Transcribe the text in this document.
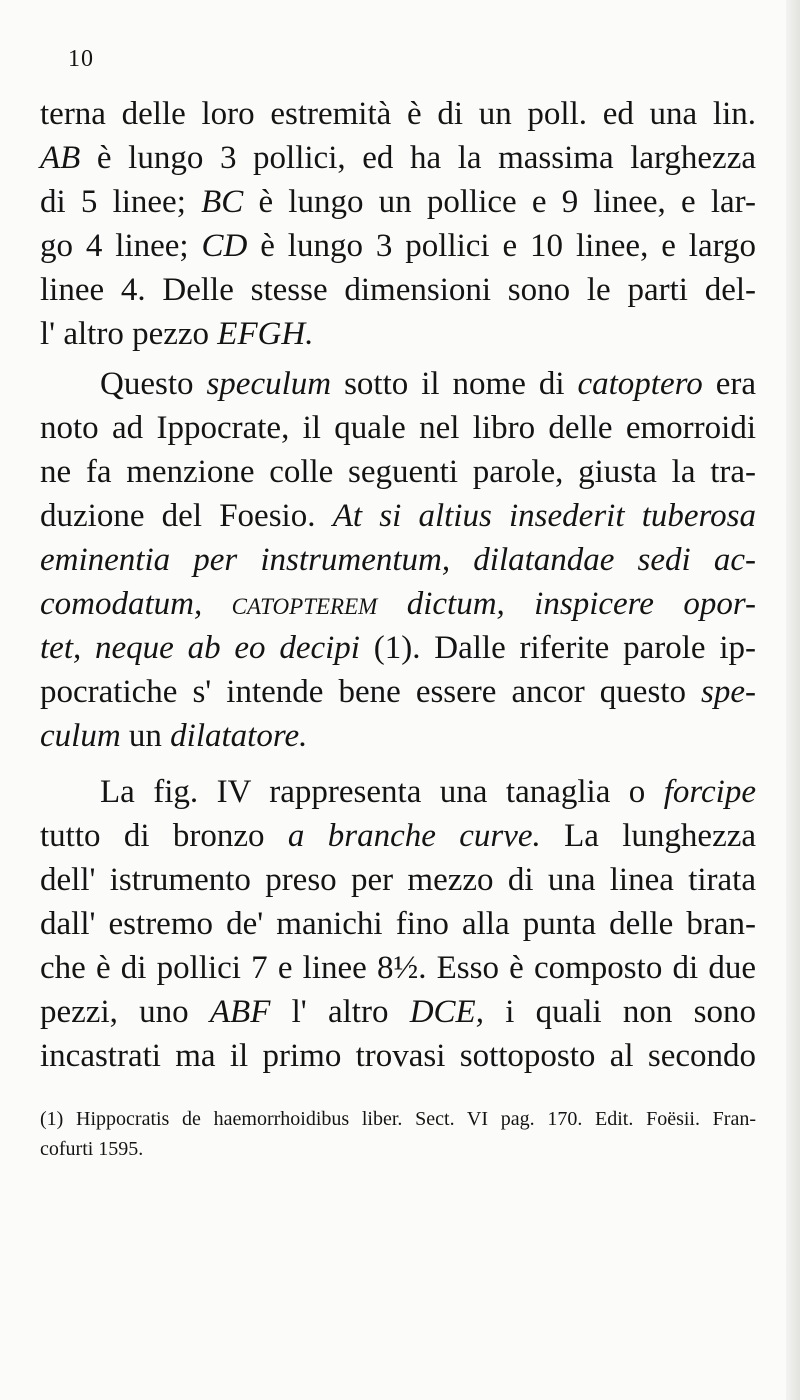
10
terna delle loro estremità è di un poll. ed una lin.
AB è lungo 3 pollici, ed ha la massima larghezza
di 5 linee; BC è lungo un pollice e 9 linee, e lar-
go 4 linee; CD è lungo 3 pollici e 10 linee, e largo
linee 4. Delle stesse dimensioni sono le parti del-
l' altro pezzo EFGH.
Questo speculum sotto il nome di catoptero era
noto ad Ippocrate, il quale nel libro delle emorroidi
ne fa menzione colle seguenti parole, giusta la tra-
duzione del Foesio. At si altius insederit tuberosa
eminentia per instrumentum, dilatandae sedi ac-
comodatum, catopterem dictum, inspicere opor-
tet, neque ab eo decipi (1). Dalle riferite parole ip-
pocratiche s' intende bene essere ancor questo spe-
culum un dilatatore.
La fig. IV rappresenta una tanaglia o forcipe
tutto di bronzo a branche curve. La lunghezza
dell' istrumento preso per mezzo di una linea tirata
dall' estremo de' manichi fino alla punta delle bran-
che è di pollici 7 e linee 8½. Esso è composto di due
pezzi, uno ABF l' altro DCE, i quali non sono
incastrati ma il primo trovasi sottoposto al secondo
(1) Hippocratis de haemorrhoidibus liber. Sect. VI pag. 170. Edit. Foësii. Fran-
cofurti 1595.
